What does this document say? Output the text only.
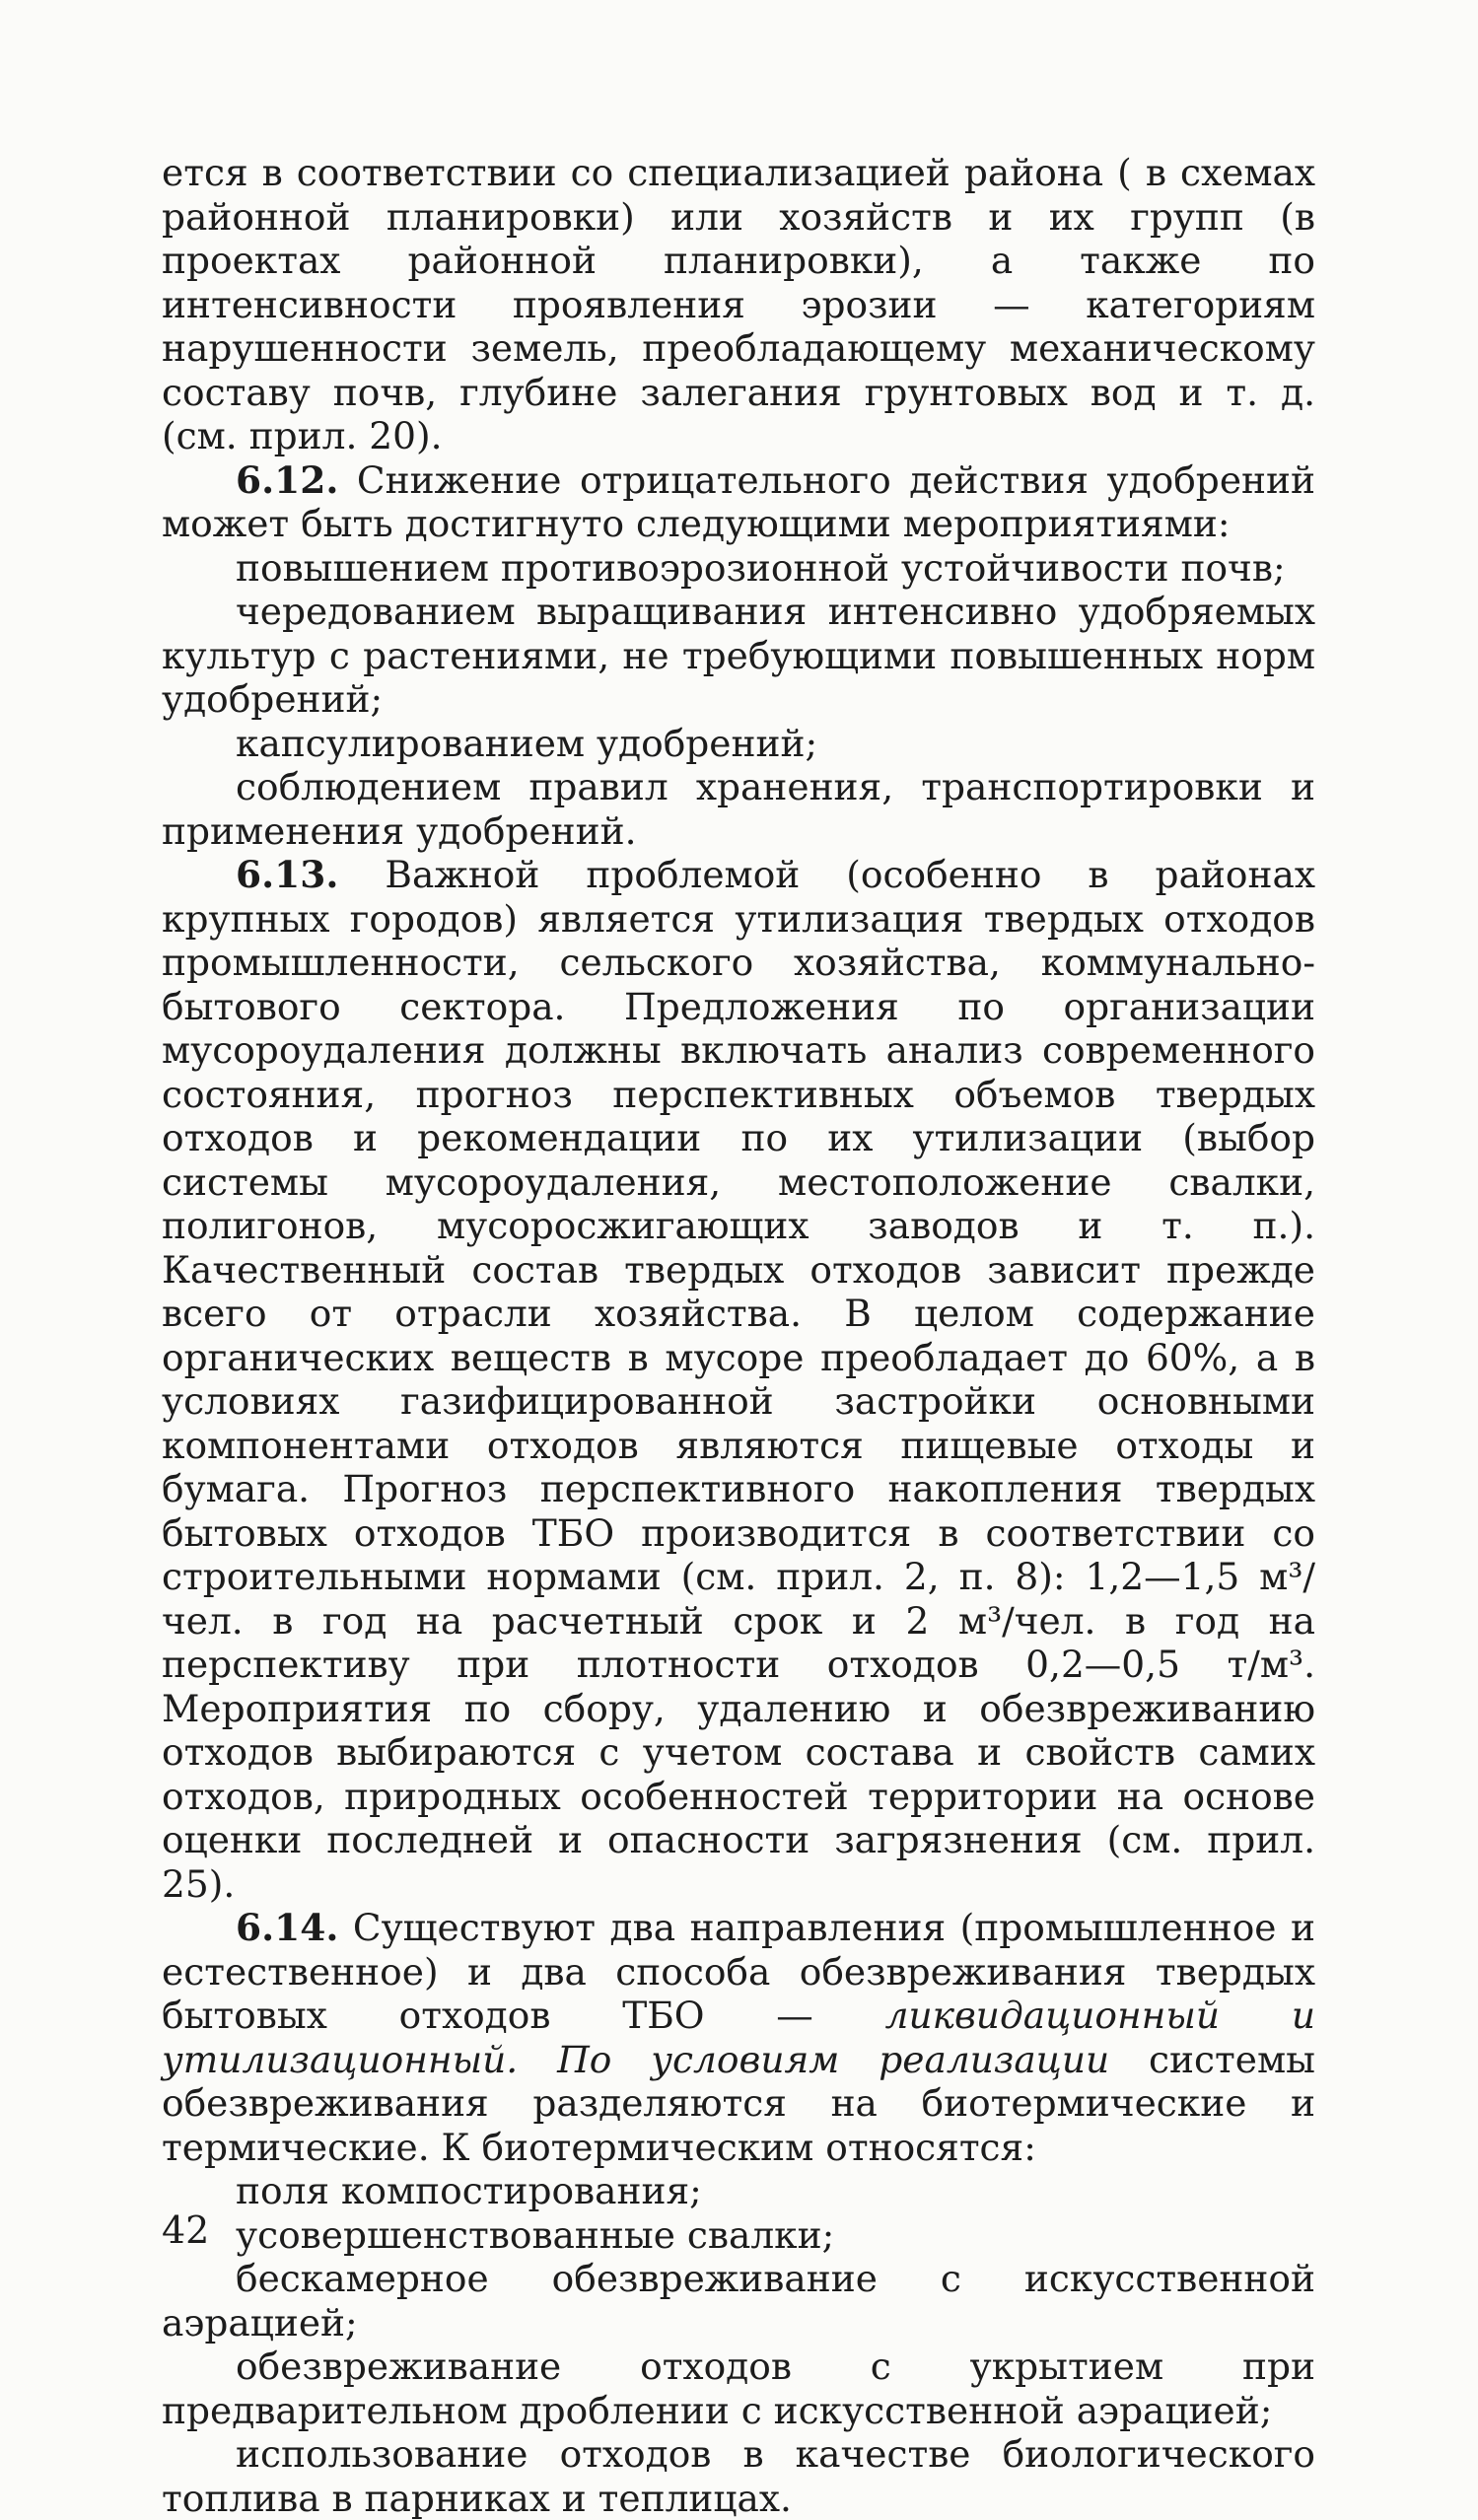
ется в соответствии со специализацией района ( в схемах районной планировки) или хозяйств и их групп (в проектах районной планировки), а также по интенсивности проявления эрозии — категориям нарушенности земель, преобладающему механическому составу почв, глубине залегания грунтовых вод и т. д. (см. прил. 20).

6.12. Снижение отрицательного действия удобрений может быть достигнуто следующими мероприятиями:

повышением противоэрозионной устойчивости почв;

чередованием выращивания интенсивно удобряемых культур с растениями, не требующими повышенных норм удобрений;

капсулированием удобрений;

соблюдением правил хранения, транспортировки и применения удобрений.

6.13. Важной проблемой (особенно в районах крупных городов) является утилизация твердых отходов промышленности, сельского хозяйства, коммунально-бытового сектора. Предложения по организации мусороудаления должны включать анализ современного состояния, прогноз перспективных объемов твердых отходов и рекомендации по их утилизации (выбор системы мусороудаления, местоположение свалки, полигонов, мусоросжигающих заводов и т. п.). Качественный состав твердых отходов зависит прежде всего от отрасли хозяйства. В целом содержание органических веществ в мусоре преобладает до 60%, а в условиях газифицированной застройки основными компонентами отходов являются пищевые отходы и бумага. Прогноз перспективного накопления твердых бытовых отходов ТБО производится в соответствии со строительными нормами (см. прил. 2, п. 8): 1,2—1,5 м³/чел. в год на расчетный срок и 2 м³/чел. в год на перспективу при плотности отходов 0,2—0,5 т/м³. Мероприятия по сбору, удалению и обезвреживанию отходов выбираются с учетом состава и свойств самих отходов, природных особенностей территории на основе оценки последней и опасности загрязнения (см. прил. 25).

6.14. Существуют два направления (промышленное и естественное) и два способа обезвреживания твердых бытовых отходов ТБО — ликвидационный и утилизационный. По условиям реализации системы обезвреживания разделяются на биотермические и термические. К биотермическим относятся:

поля компостирования;

усовершенствованные свалки;

бескамерное обезвреживание с искусственной аэрацией;

обезвреживание отходов с укрытием при предварительном дроблении с искусственной аэрацией;

использование отходов в качестве биологического топлива в парниках и теплицах.

42
